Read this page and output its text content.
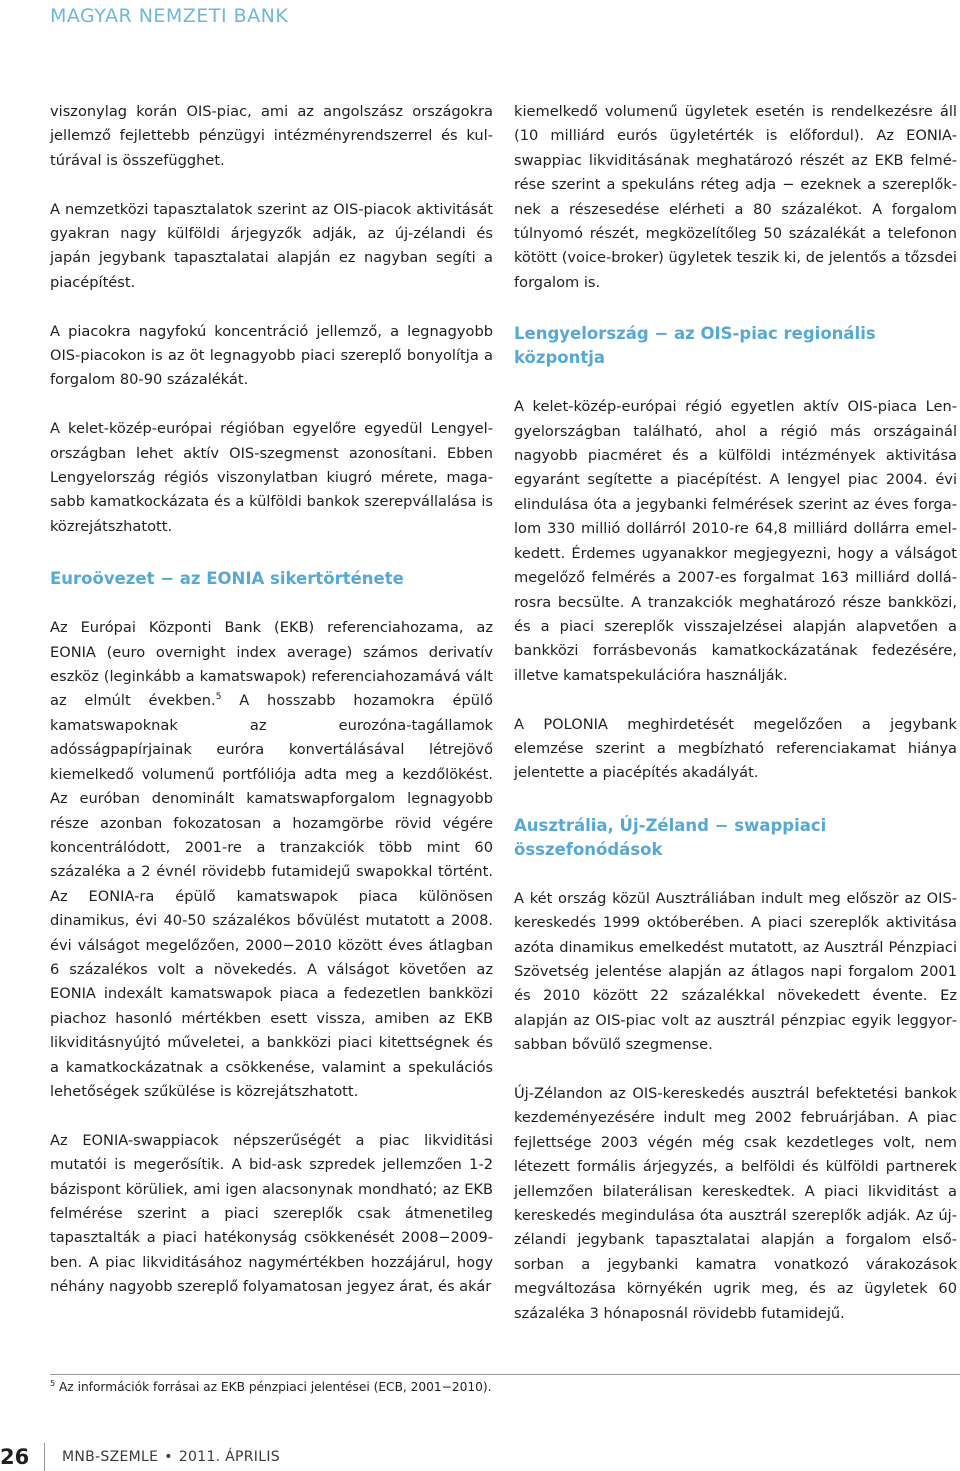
MAGYAR NEMZETI BANK

viszonylag korán OIS-piac, ami az angolszász országokra jellemző fejlettebb pénzügyi intézményrendszerrel és kultúrával is összefügghet.

A nemzetközi tapasztalatok szerint az OIS-piacok aktivitását gyakran nagy külföldi árjegyzők adják, az új-zélandi és japán jegybank tapasztalatai alapján ez nagyban segíti a piacépítést.

A piacokra nagyfokú koncentráció jellemző, a legnagyobb OIS-piacokon is az öt legnagyobb piaci szereplő bonyolítja a forgalom 80-90 százalékát.

A kelet-közép-európai régióban egyelőre egyedül Lengyelországban lehet aktív OIS-szegmenst azonosítani. Ebben Lengyelország régiós viszonylatban kiugró mérete, magasabb kamatkockázata és a külföldi bankok szerepvállalása is közrejátszhatott.

Euroövezet − az EONIA sikertörténete

Az Európai Központi Bank (EKB) referenciahozama, az EONIA (euro overnight index average) számos derivatív eszköz (leginkább a kamatswapok) referenciahozamává vált az elmúlt években.$^5$ A hosszabb hozamokra épülő kamatswapoknak az eurozóna-tagállamok adósságpapírjainak euróra konvertálásával létrejövő kiemelkedő volumenű portfóliója adta meg a kezdőlökést. Az euróban denominált kamatswapforgalom legnagyobb része azonban fokozatosan a hozamgörbe rövid végére koncentrálódott, 2001-re a tranzakciók több mint 60 százaléka a 2 évnél rövidebb futamidejű swapokkal történt. Az EONIA-ra épülő kamatswapok piaca különösen dinamikus, évi 40-50 százalékos bővülést mutatott a 2008. évi válságot megelőzően, 2000−2010 között éves átlagban 6 százalékos volt a növekedés. A válságot követően az EONIA indexált kamatswapok piaca a fedezetlen bankközi piachoz hasonló mértékben esett vissza, amiben az EKB likviditásnyújtó műveletei, a bankközi piaci kitettségnek és a kamatkockázatnak a csökkenése, valamint a spekulációs lehetőségek szűkülése is közrejátszhatott.

Az EONIA-swappiacok népszerűségét a piac likviditási mutatói is megerősítik. A bid-ask szpredek jellemzően 1-2 bázispont körüliek, ami igen alacsonynak mondható; az EKB felmérése szerint a piaci szereplők csak átmenetileg tapasztalták a piaci hatékonyság csökkenését 2008−2009-ben. A piac likviditásához nagymértékben hozzájárul, hogy néhány nagyobb szereplő folyamatosan jegyez árat, és akár

kiemelkedő volumenű ügyletek esetén is rendelkezésre áll (10 milliárd eurós ügyletérték is előfordul). Az EONIA-swappiac likviditásának meghatározó részét az EKB felmérése szerint a spekuláns réteg adja − ezeknek a szereplőknek a részesedése elérheti a 80 százalékot. A forgalom túlnyomó részét, megközelítőleg 50 százalékát a telefonon kötött (voice-broker) ügyletek teszik ki, de jelentős a tőzsdei forgalom is.

Lengyelország − az OIS-piac regionális központja

A kelet-közép-európai régió egyetlen aktív OIS-piaca Lengyelországban található, ahol a régió más országainál nagyobb piacméret és a külföldi intézmények aktivitása egyaránt segítette a piacépítést. A lengyel piac 2004. évi elindulása óta a jegybanki felmérések szerint az éves forgalom 330 millió dollárról 2010-re 64,8 milliárd dollárra emelkedett. Érdemes ugyanakkor megjegyezni, hogy a válságot megelőző felmérés a 2007-es forgalmat 163 milliárd dollárosra becsülte. A tranzakciók meghatározó része bankközi, és a piaci szereplők visszajelzései alapján alapvetően a bankközi forrásbevonás kamatkockázatának fedezésére, illetve kamatspekulációra használják.

A POLONIA meghirdetését megelőzően a jegybank elemzése szerint a megbízható referenciakamat hiánya jelentette a piacépítés akadályát.

Ausztrália, Új-Zéland − swappiaci összefonódások

A két ország közül Ausztráliában indult meg először az OIS-kereskedés 1999 októberében. A piaci szereplők aktivitása azóta dinamikus emelkedést mutatott, az Ausztrál Pénzpiaci Szövetség jelentése alapján az átlagos napi forgalom 2001 és 2010 között 22 százalékkal növekedett évente. Ez alapján az OIS-piac volt az ausztrál pénzpiac egyik leggyorsabban bővülő szegmense.

Új-Zélandon az OIS-kereskedés ausztrál befektetési bankok kezdeményezésére indult meg 2002 februárjában. A piac fejlettsége 2003 végén még csak kezdetleges volt, nem létezett formális árjegyzés, a belföldi és külföldi partnerek jellemzően bilaterálisan kereskedtek. A piaci likviditást a kereskedés megindulása óta ausztrál szereplők adják. Az új-zélandi jegybank tapasztalatai alapján a forgalom elsősorban a jegybanki kamatra vonatkozó várakozások megváltozása környékén ugrik meg, és az ügyletek 60 százaléka 3 hónaposnál rövidebb futamidejű.

$^5$ Az információk forrásai az EKB pénzpiaci jelentései (ECB, 2001−2010).
26 MNB-SZEMLE • 2011. ÁPRILIS
